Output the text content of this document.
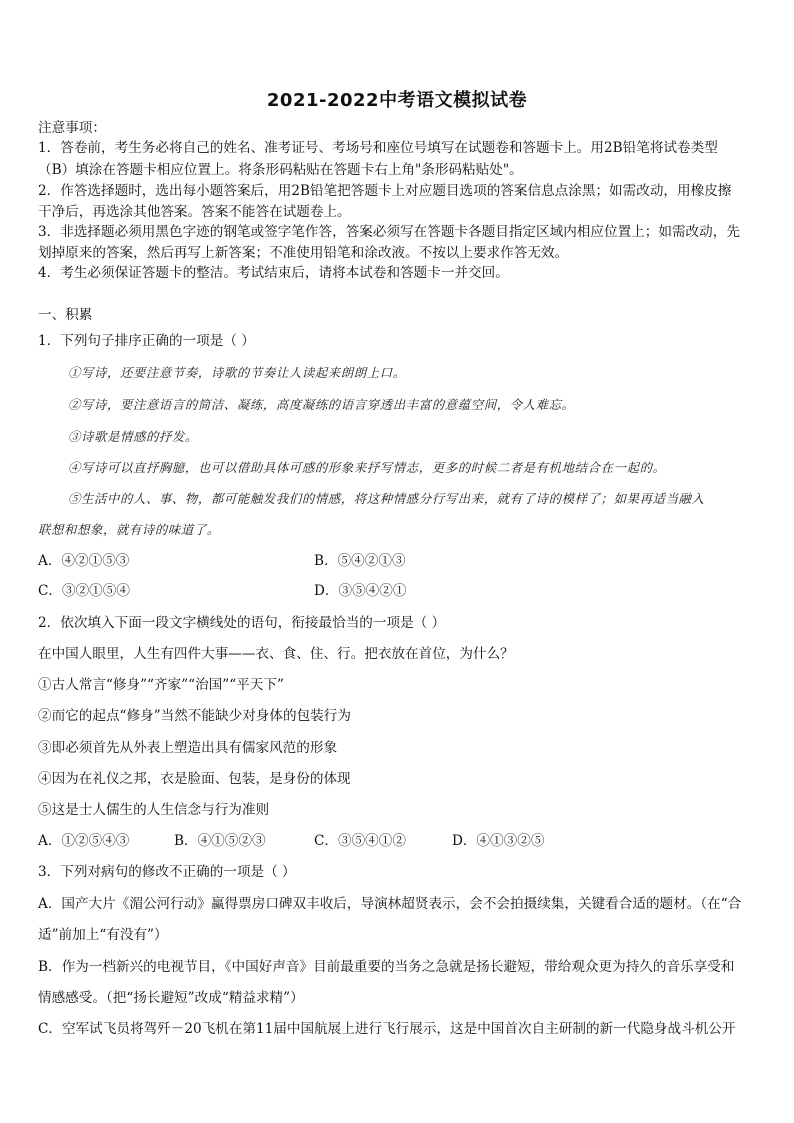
2021-2022中考语文模拟试卷
注意事项：
1．答卷前，考生务必将自己的姓名、准考证号、考场号和座位号填写在试题卷和答题卡上。用2B铅笔将试卷类型
（B）填涂在答题卡相应位置上。将条形码粘贴在答题卡右上角"条形码粘贴处"。
2．作答选择题时，选出每小题答案后，用2B铅笔把答题卡上对应题目选项的答案信息点涂黑；如需改动，用橡皮擦
干净后，再选涂其他答案。答案不能答在试题卷上。
3．非选择题必须用黑色字迹的钢笔或签字笔作答，答案必须写在答题卡各题目指定区域内相应位置上；如需改动，先
划掉原来的答案，然后再写上新答案；不准使用铅笔和涂改液。不按以上要求作答无效。
4．考生必须保证答题卡的整洁。考试结束后，请将本试卷和答题卡一并交回。
一、积累
1．下列句子排序正确的一项是（ ）
①写诗，还要注意节奏，诗歌的节奏让人读起来朗朗上口。
②写诗，要注意语言的简洁、凝练，高度凝练的语言穿透出丰富的意蕴空间，令人难忘。
③诗歌是情感的抒发。
④写诗可以直抒胸臆，也可以借助具体可感的形象来抒写情志，更多的时候二者是有机地结合在一起的。
⑤生活中的人、事、物，都可能触发我们的情感，将这种情感分行写出来，就有了诗的模样了；如果再适当融入
联想和想象，就有诗的味道了。
A．④②①⑤③	B．⑤④②①③
C．③②①⑤④	D．③⑤④②①
2．依次填入下面一段文字横线处的语句，衔接最恰当的一项是（ ）
在中国人眼里，人生有四件大事——衣、食、住、行。把衣放在首位，为什么？
①古人常言“修身”“齐家”“治国”“平天下”
②而它的起点“修身”当然不能缺少对身体的包装行为
③即必须首先从外表上塑造出具有儒家风范的形象
④因为在礼仪之邦，衣是脸面、包装，是身份的体现
⑤这是士人儒生的人生信念与行为准则
A．①②⑤④③	B．④①⑤②③	C．③⑤④①②	D．④①③②⑤
3．下列对病句的修改不正确的一项是（ ）
A．国产大片《湄公河行动》赢得票房口碑双丰收后，导演林超贤表示，会不会拍摄续集，关键看合适的题材。（在“合
适”前加上“有没有”）
B．作为一档新兴的电视节目，《中国好声音》目前最重要的当务之急就是扬长避短，带给观众更为持久的音乐享受和
情感感受。（把“扬长避短”改成“精益求精”）
C．空军试飞员将驾歼－20飞机在第11届中国航展上进行飞行展示，这是中国首次自主研制的新一代隐身战斗机公开
